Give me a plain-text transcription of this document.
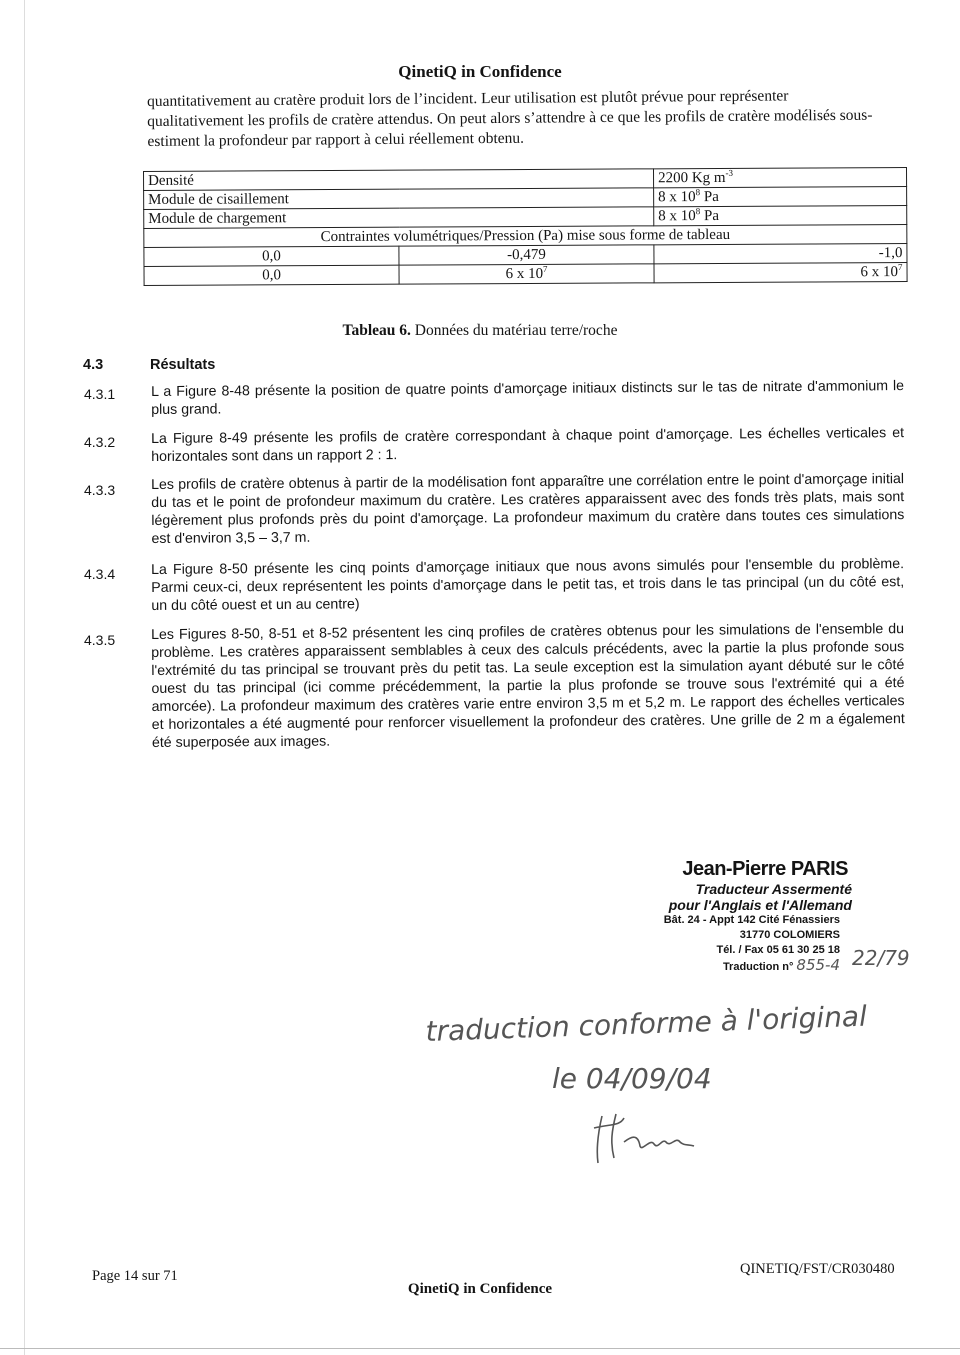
QinetiQ in Confidence
quantitativement au cratère produit lors de l’incident. Leur utilisation est plutôt prévue pour représenter qualitativement les profils de cratère attendus. On peut alors s’attendre à ce que les profils de cratère modélisés sous-estiment la profondeur par rapport à celui réellement obtenu.
Densité		2200 Kg $m^{-3}$
Module de cisaillement		8 x $10^8$ Pa
Module de chargement		8 x $10^8$ Pa
Contraintes volumétriques/Pression (Pa) mise sous forme de tableau		
0,0	-0,479	-1,0
0,0	6 x $10^7$	6 x $10^7$
Tableau 6. Données du matériau terre/roche
4.3	Résultats
4.3.1	L a Figure 8-48 présente la position de quatre points d'amorçage initiaux distincts sur le tas de nitrate d'ammonium le plus grand.
4.3.2	La Figure 8-49 présente les profils de cratère correspondant à chaque point d'amorçage. Les échelles verticales et horizontales sont dans un rapport 2 : 1.
4.3.3	Les profils de cratère obtenus à partir de la modélisation font apparaître une corrélation entre le point d'amorçage initial du tas et le point de profondeur maximum du cratère. Les cratères apparaissent avec des fonds très plats, mais sont légèrement plus profonds près du point d'amorçage. La profondeur maximum du cratère dans toutes ces simulations est d'environ 3,5 – 3,7 m.
4.3.4	La Figure 8-50 présente les cinq points d'amorçage initiaux que nous avons simulés pour l'ensemble du problème. Parmi ceux-ci, deux représentent les points d'amorçage dans le petit tas, et trois dans le tas principal (un du côté est, un du côté ouest et un au centre)
4.3.5	Les Figures 8-50, 8-51 et 8-52 présentent les cinq profiles de cratères obtenus pour les simulations de l'ensemble du problème. Les cratères apparaissent semblables à ceux des calculs précédents, avec la partie la plus profonde sous l'extrémité du tas principal se trouvant près du petit tas. La seule exception est la simulation ayant débuté sur le côté ouest du tas principal (ici comme précédemment, la partie la plus profonde se trouve sous l'extrémité qui a été amorcée). La profondeur maximum des cratères varie entre environ 3,5 m et 5,2 m. Le rapport des échelles verticales et horizontales a été augmenté pour renforcer visuellement la profondeur des cratères. Une grille de 2 m a également été superposée aux images.
Jean-Pierre PARIS
Traducteur Assermenté
pour l'Anglais et l'Allemand
Bât. 24 - Appt 142 Cité Fénassiers
31770 COLOMIERS
Tél. / Fax 05 61 30 25 18
Traduction n° 855-4 22/79
traduction conforme à l'original
le 04/09/04
Page 14 sur 71	QINETIQ/FST/CR030480
QinetiQ in Confidence
